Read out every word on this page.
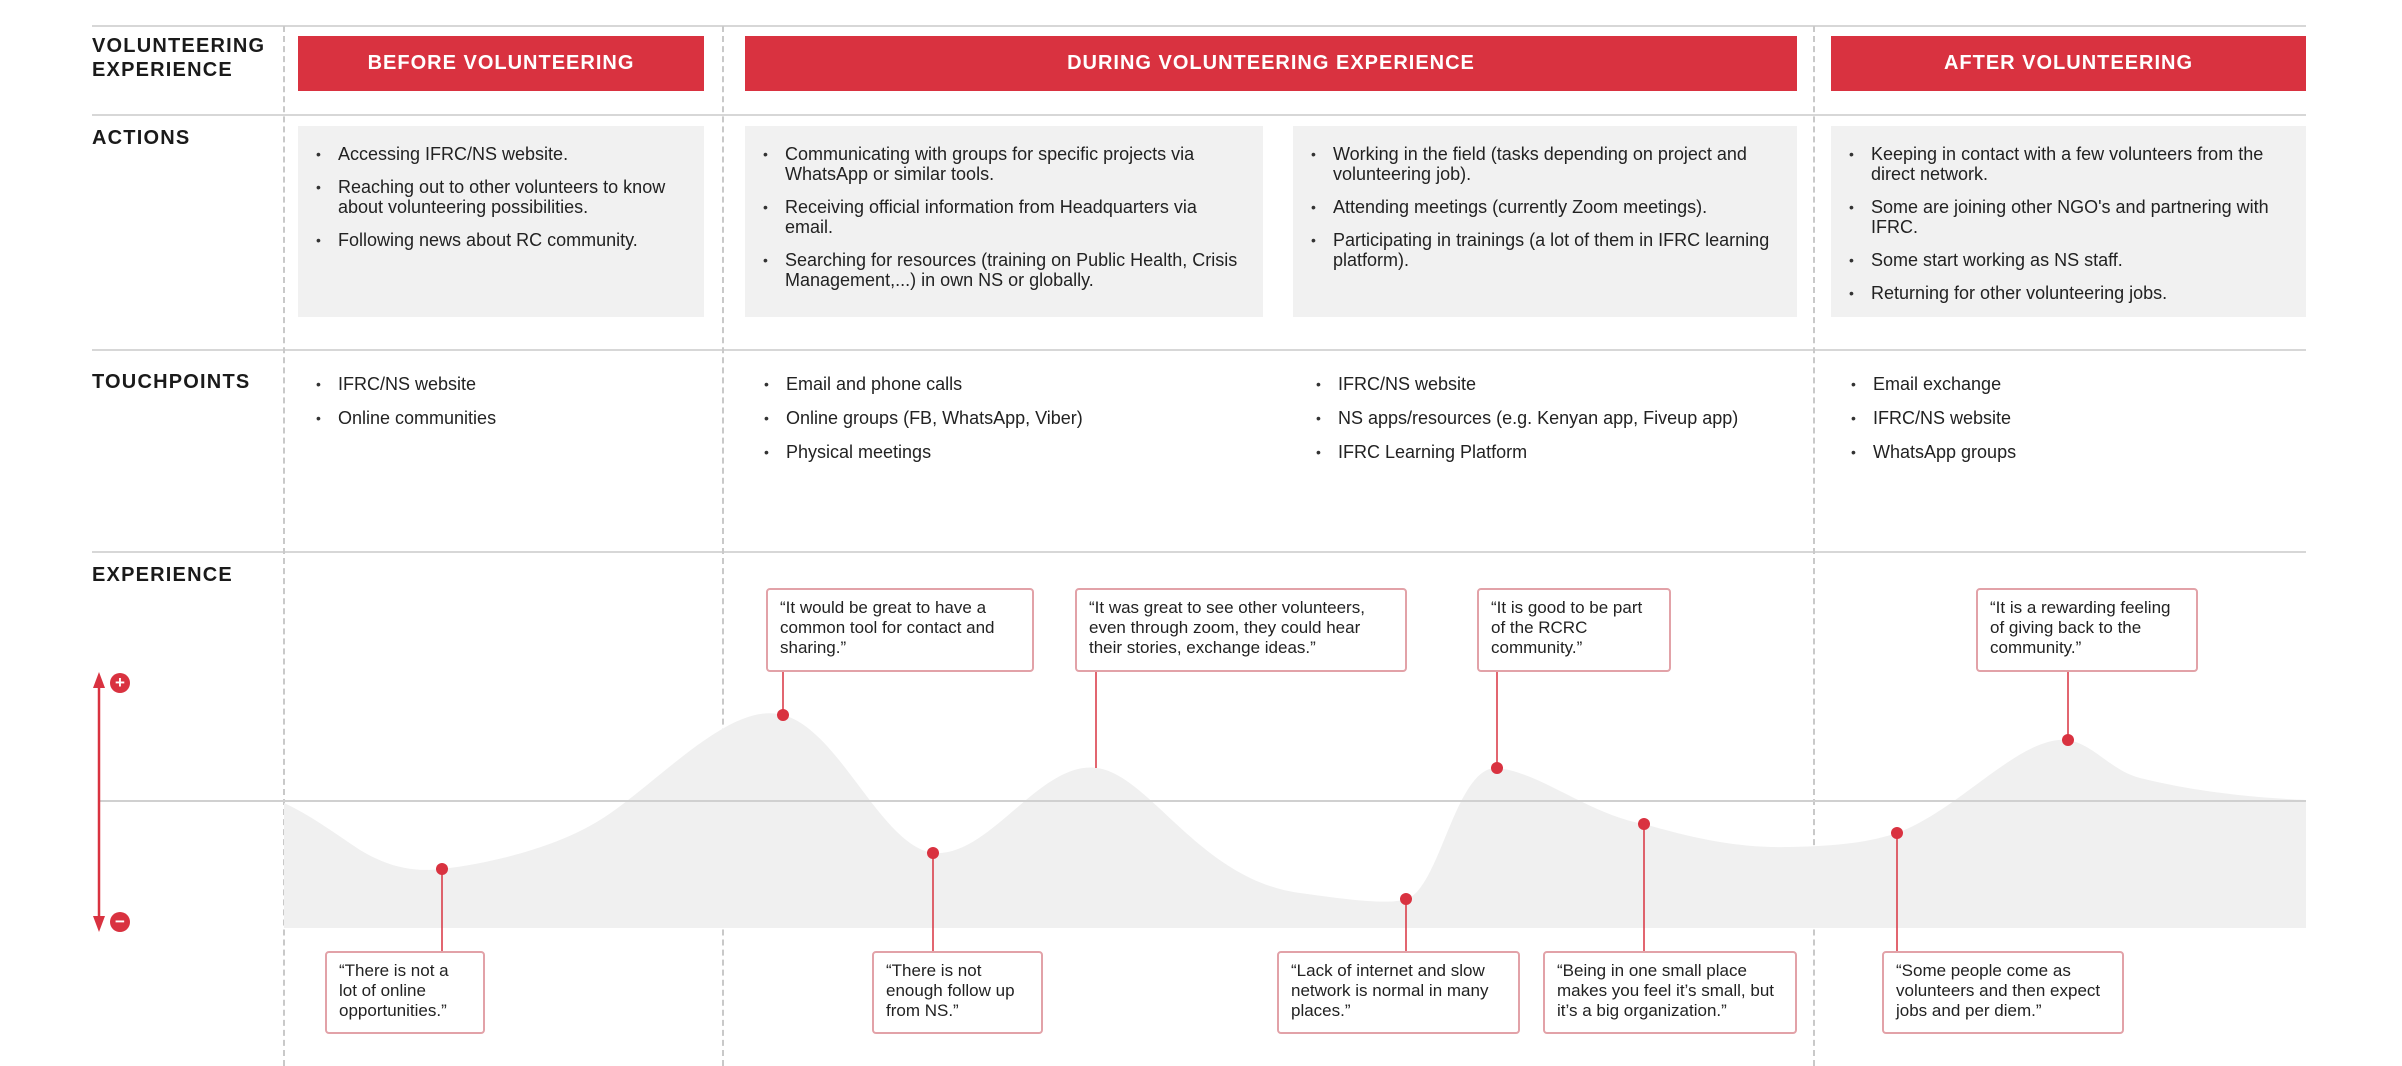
VOLUNTEERING EXPERIENCE
ACTIONS
TOUCHPOINTS
EXPERIENCE
BEFORE VOLUNTEERING	DURING VOLUNTEERING EXPERIENCE	AFTER VOLUNTEERING
• Accessing IFRC/NS website.
• Reaching out to other volunteers to know about volunteering possibilities.
• Following news about RC community.
• Communicating with groups for specific projects via WhatsApp or similar tools.
• Receiving official information from Headquarters via email.
• Searching for resources (training on Public Health, Crisis Management,...) in own NS or globally.
• Working in the field (tasks depending on project and volunteering job).
• Attending meetings (currently Zoom meetings).
• Participating in trainings (a lot of them in IFRC learning platform).
• Keeping in contact with a few volunteers from the direct network.
• Some are joining other NGO's and partnering with IFRC.
• Some start working as NS staff.
• Returning for other volunteering jobs.
• IFRC/NS website
• Online communities
• Email and phone calls
• Online groups (FB, WhatsApp, Viber)
• Physical meetings
• IFRC/NS website
• NS apps/resources (e.g. Kenyan app, Fiveup app)
• IFRC Learning Platform
• Email exchange
• IFRC/NS website
• WhatsApp groups
+
−
“It would be great to have a common tool for contact and sharing.”
“It was great to see other volunteers, even through zoom, they could hear their stories, exchange ideas.”
“It is good to be part of the RCRC community.”
“It is a rewarding feeling of giving back to the community.”
“There is not a lot of online opportunities.”
“There is not enough follow up from NS.”
“Lack of internet and slow network is normal in many places.”
“Being in one small place makes you feel it’s small, but it’s a big organization.”
“Some people come as volunteers and then expect jobs and per diem.”
